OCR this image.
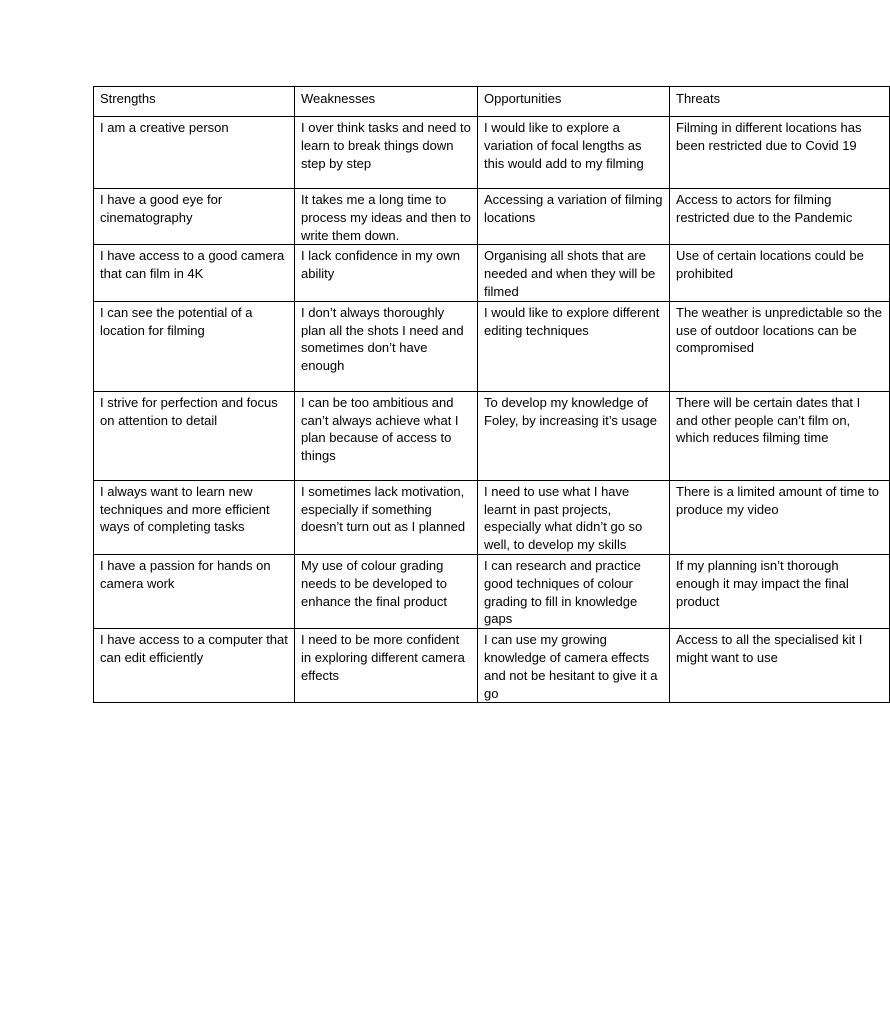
Strengths	Weaknesses	Opportunities	Threats
I am a creative person	I over think tasks and need to learn to break things down step by step	I would like to explore a variation of focal lengths as this would add to my filming	Filming in different locations has been restricted due to Covid 19
I have a good eye for cinematography	It takes me a long time to process my ideas and then to write them down.	Accessing a variation of filming locations	Access to actors for filming restricted due to the Pandemic
I have access to a good camera that can film in 4K	I lack confidence in my own ability	Organising all shots that are needed and when they will be filmed	Use of certain locations could be prohibited
I can see the potential of a location for filming	I don’t always thoroughly plan all the shots I need and sometimes don’t have enough	I would like to explore different editing techniques	The weather is unpredictable so the use of outdoor locations can be compromised
I strive for perfection and focus on attention to detail	I can be too ambitious and can’t always achieve what I plan because of access to things	To develop my knowledge of Foley, by increasing it’s usage	There will be certain dates that I and other people can’t film on, which reduces filming time
I always want to learn new techniques and more efficient ways of completing tasks	I sometimes lack motivation, especially if something doesn’t turn out as I planned	I need to use what I have learnt in past projects, especially what didn’t go so well, to develop my skills	There is a limited amount of time to produce my video
I have a passion for hands on camera work	My use of colour grading needs to be developed to enhance the final product	I can research and practice good techniques of colour grading to fill in knowledge gaps	If my planning isn’t thorough enough it may impact the final product
I have access to a computer that can edit efficiently	I need to be more confident in exploring different camera effects	I can use my growing knowledge of camera effects and not be hesitant to give it a go	Access to all the specialised kit I might want to use
